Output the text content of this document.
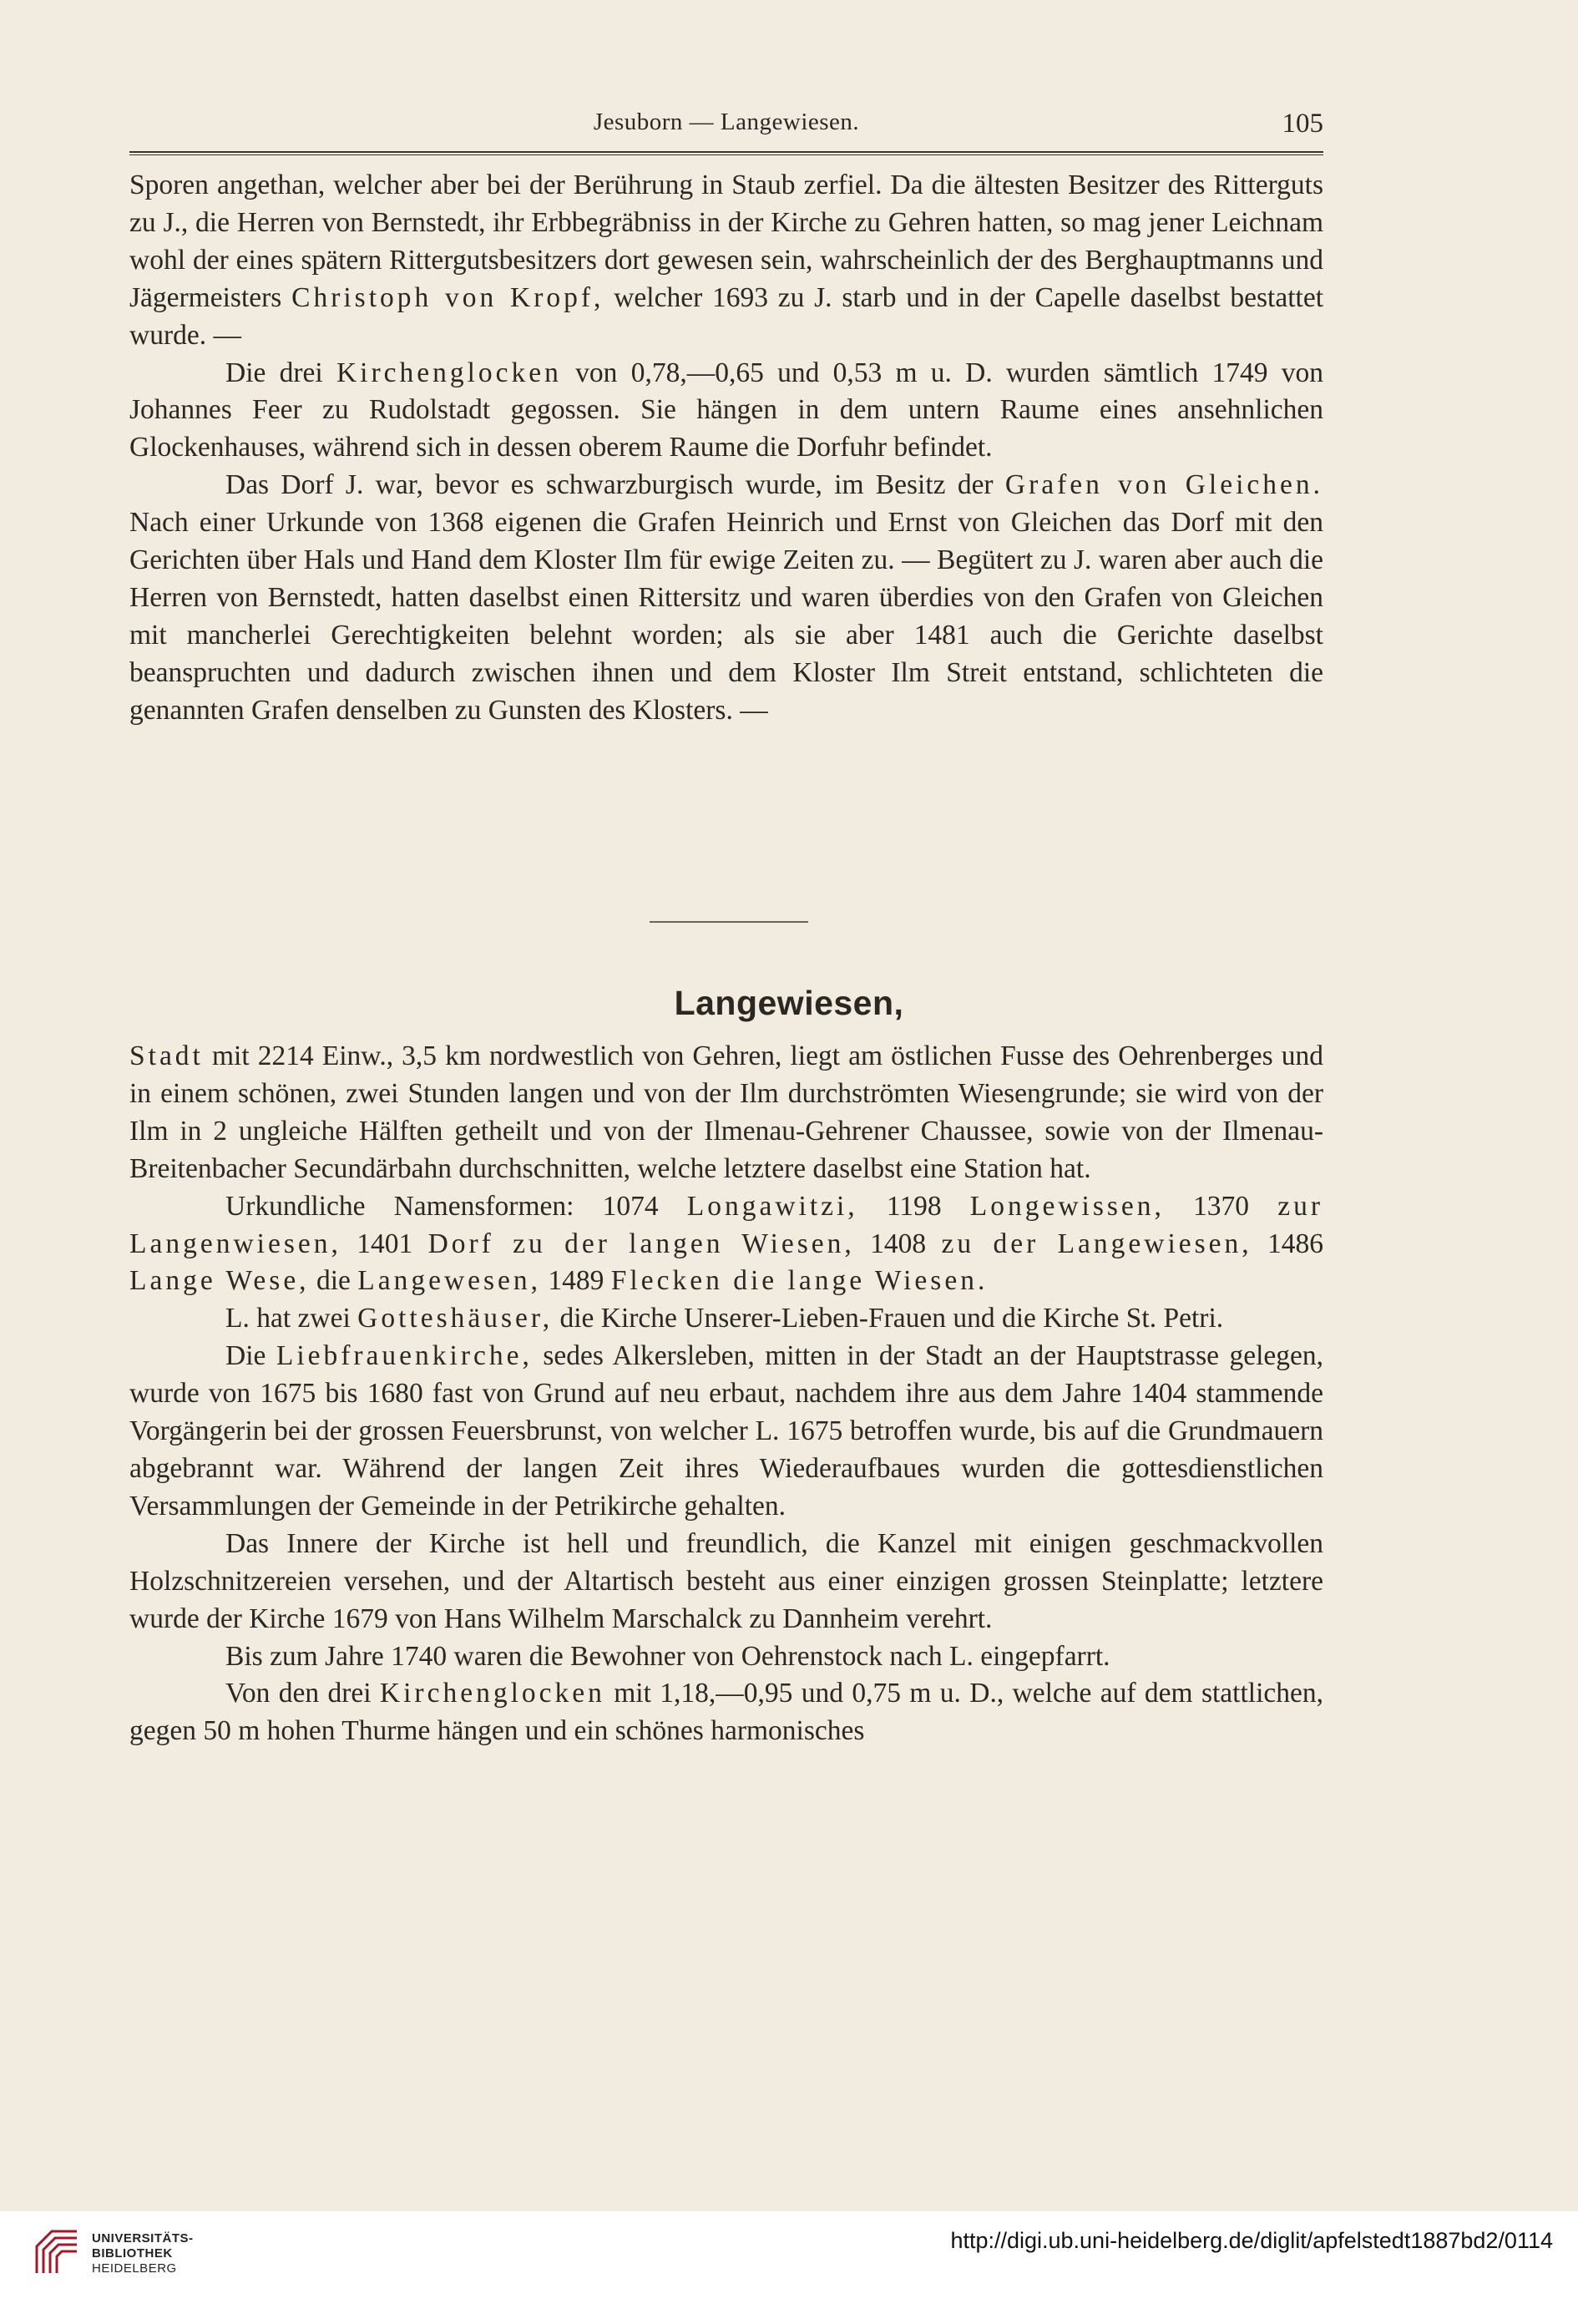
Jesuborn — Langewiesen.	105

Sporen angethan, welcher aber bei der Berührung in Staub zerfiel. Da die ältesten Besitzer des Ritterguts zu J., die Herren von Bernstedt, ihr Erbbegräbniss in der Kirche zu Gehren hatten, so mag jener Leichnam wohl der eines spätern Rittergutsbesitzers dort gewesen sein, wahrscheinlich der des Berghauptmanns und Jägermeisters Christoph von Kropf, welcher 1693 zu J. starb und in der Capelle daselbst bestattet wurde. —

Die drei Kirchenglocken von 0,78,—0,65 und 0,53 m u. D. wurden sämtlich 1749 von Johannes Feer zu Rudolstadt gegossen. Sie hängen in dem untern Raume eines ansehnlichen Glockenhauses, während sich in dessen oberem Raume die Dorfuhr befindet.

Das Dorf J. war, bevor es schwarzburgisch wurde, im Besitz der Grafen von Gleichen. Nach einer Urkunde von 1368 eigenen die Grafen Heinrich und Ernst von Gleichen das Dorf mit den Gerichten über Hals und Hand dem Kloster Ilm für ewige Zeiten zu. — Begütert zu J. waren aber auch die Herren von Bernstedt, hatten daselbst einen Rittersitz und waren überdies von den Grafen von Gleichen mit mancherlei Gerechtigkeiten belehnt worden; als sie aber 1481 auch die Gerichte daselbst beanspruchten und dadurch zwischen ihnen und dem Kloster Ilm Streit entstand, schlichteten die genannten Grafen denselben zu Gunsten des Klosters. —

Langewiesen,

Stadt mit 2214 Einw., 3,5 km nordwestlich von Gehren, liegt am östlichen Fusse des Oehrenberges und in einem schönen, zwei Stunden langen und von der Ilm durchströmten Wiesengrunde; sie wird von der Ilm in 2 ungleiche Hälften getheilt und von der Ilmenau-Gehrener Chaussee, sowie von der Ilmenau-Breitenbacher Secundärbahn durchschnitten, welche letztere daselbst eine Station hat.

Urkundliche Namensformen: 1074 Longawitzi, 1198 Longewissen, 1370 zur Langenwiesen, 1401 Dorf zu der langen Wiesen, 1408 zu der Langewiesen, 1486 Lange Wese, die Langewesen, 1489 Flecken die lange Wiesen.

L. hat zwei Gotteshäuser, die Kirche Unserer-Lieben-Frauen und die Kirche St. Petri.

Die Liebfrauenkirche, sedes Alkersleben, mitten in der Stadt an der Hauptstrasse gelegen, wurde von 1675 bis 1680 fast von Grund auf neu erbaut, nachdem ihre aus dem Jahre 1404 stammende Vorgängerin bei der grossen Feuersbrunst, von welcher L. 1675 betroffen wurde, bis auf die Grundmauern abgebrannt war. Während der langen Zeit ihres Wiederaufbaues wurden die gottesdienstlichen Versammlungen der Gemeinde in der Petrikirche gehalten.

Das Innere der Kirche ist hell und freundlich, die Kanzel mit einigen geschmackvollen Holzschnitzereien versehen, und der Altartisch besteht aus einer einzigen grossen Steinplatte; letztere wurde der Kirche 1679 von Hans Wilhelm Marschalck zu Dannheim verehrt.

Bis zum Jahre 1740 waren die Bewohner von Oehrenstock nach L. eingepfarrt.

Von den drei Kirchenglocken mit 1,18,—0,95 und 0,75 m u. D., welche auf dem stattlichen, gegen 50 m hohen Thurme hängen und ein schönes harmonisches

UNIVERSITÄTS-
BIBLIOTHEK
HEIDELBERG
http://digi.ub.uni-heidelberg.de/diglit/apfelstedt1887bd2/0114
